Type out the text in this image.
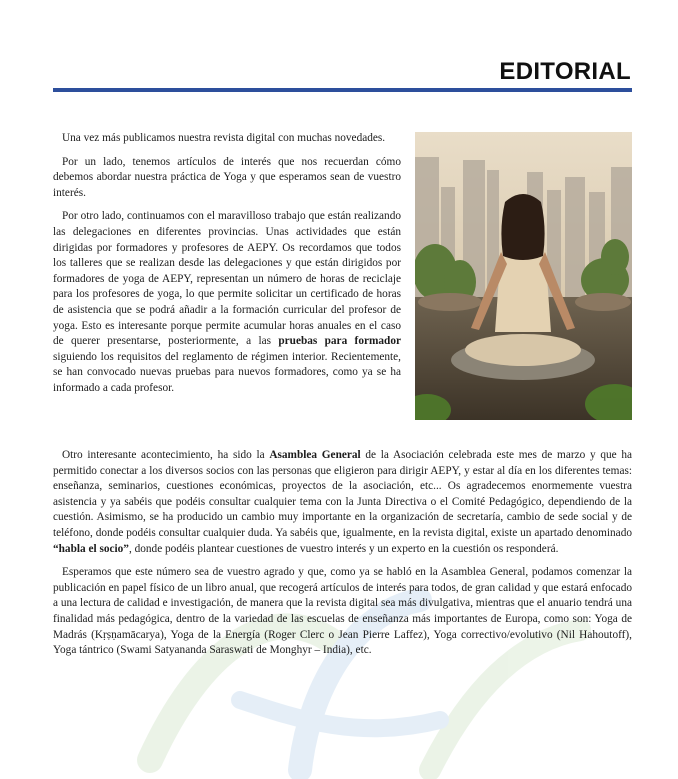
EDITORIAL

Una vez más publicamos nuestra revista digital con muchas novedades.

Por un lado, tenemos artículos de interés que nos recuerdan cómo debemos abordar nuestra práctica de Yoga y que esperamos sean de vuestro interés.

Por otro lado, continuamos con el maravilloso trabajo que están realizando las delegaciones en diferentes provincias. Unas actividades que están dirigidas por formadores y profesores de AEPY. Os recordamos que todos los talleres que se realizan desde las delegaciones y que están dirigidos por formadores de yoga de AEPY, representan un número de horas de reciclaje para los profesores de yoga, lo que permite solicitar un certificado de horas de asistencia que se podrá añadir a la formación curricular del profesor de yoga. Esto es interesante porque permite acumular horas anuales en el caso de querer presentarse, posteriormente, a las pruebas para formador siguiendo los requisitos del reglamento de régimen interior. Recientemente, se han convocado nuevas pruebas para nuevos formadores, como ya se ha informado a cada profesor.

Otro interesante acontecimiento, ha sido la Asamblea General de la Asociación celebrada este mes de marzo y que ha permitido conectar a los diversos socios con las personas que eligieron para dirigir AEPY, y estar al día en los diferentes temas: enseñanza, seminarios, cuestiones económicas, proyectos de la asociación, etc... Os agradecemos enormemente vuestra asistencia y ya sabéis que podéis consultar cualquier tema con la Junta Directiva o el Comité Pedagógico, dependiendo de la cuestión. Asimismo, se ha producido un cambio muy importante en la organización de secretaría, cambio de sede social y de teléfono, donde podéis consultar cualquier duda. Ya sabéis que, igualmente, en la revista digital, existe un apartado denominado “habla el socio”, donde podéis plantear cuestiones de vuestro interés y un experto en la cuestión os responderá.

Esperamos que este número sea de vuestro agrado y que, como ya se habló en la Asamblea General, podamos comenzar la publicación en papel físico de un libro anual, que recogerá artículos de interés para todos, de gran calidad y que estará enfocado a una lectura de calidad e investigación, de manera que la revista digital sea más divulgativa, mientras que el anuario tendrá una finalidad más pedagógica, dentro de la variedad de las escuelas de enseñanza más importantes de Europa, como son: Yoga de Madrás (Kṛṣṇamācarya), Yoga de la Energía (Roger Clerc o Jean Pierre Laffez), Yoga correctivo/evolutivo (Nil Hahoutoff), Yoga tántrico (Swami Satyananda Saraswati de Monghyr – India), etc.
